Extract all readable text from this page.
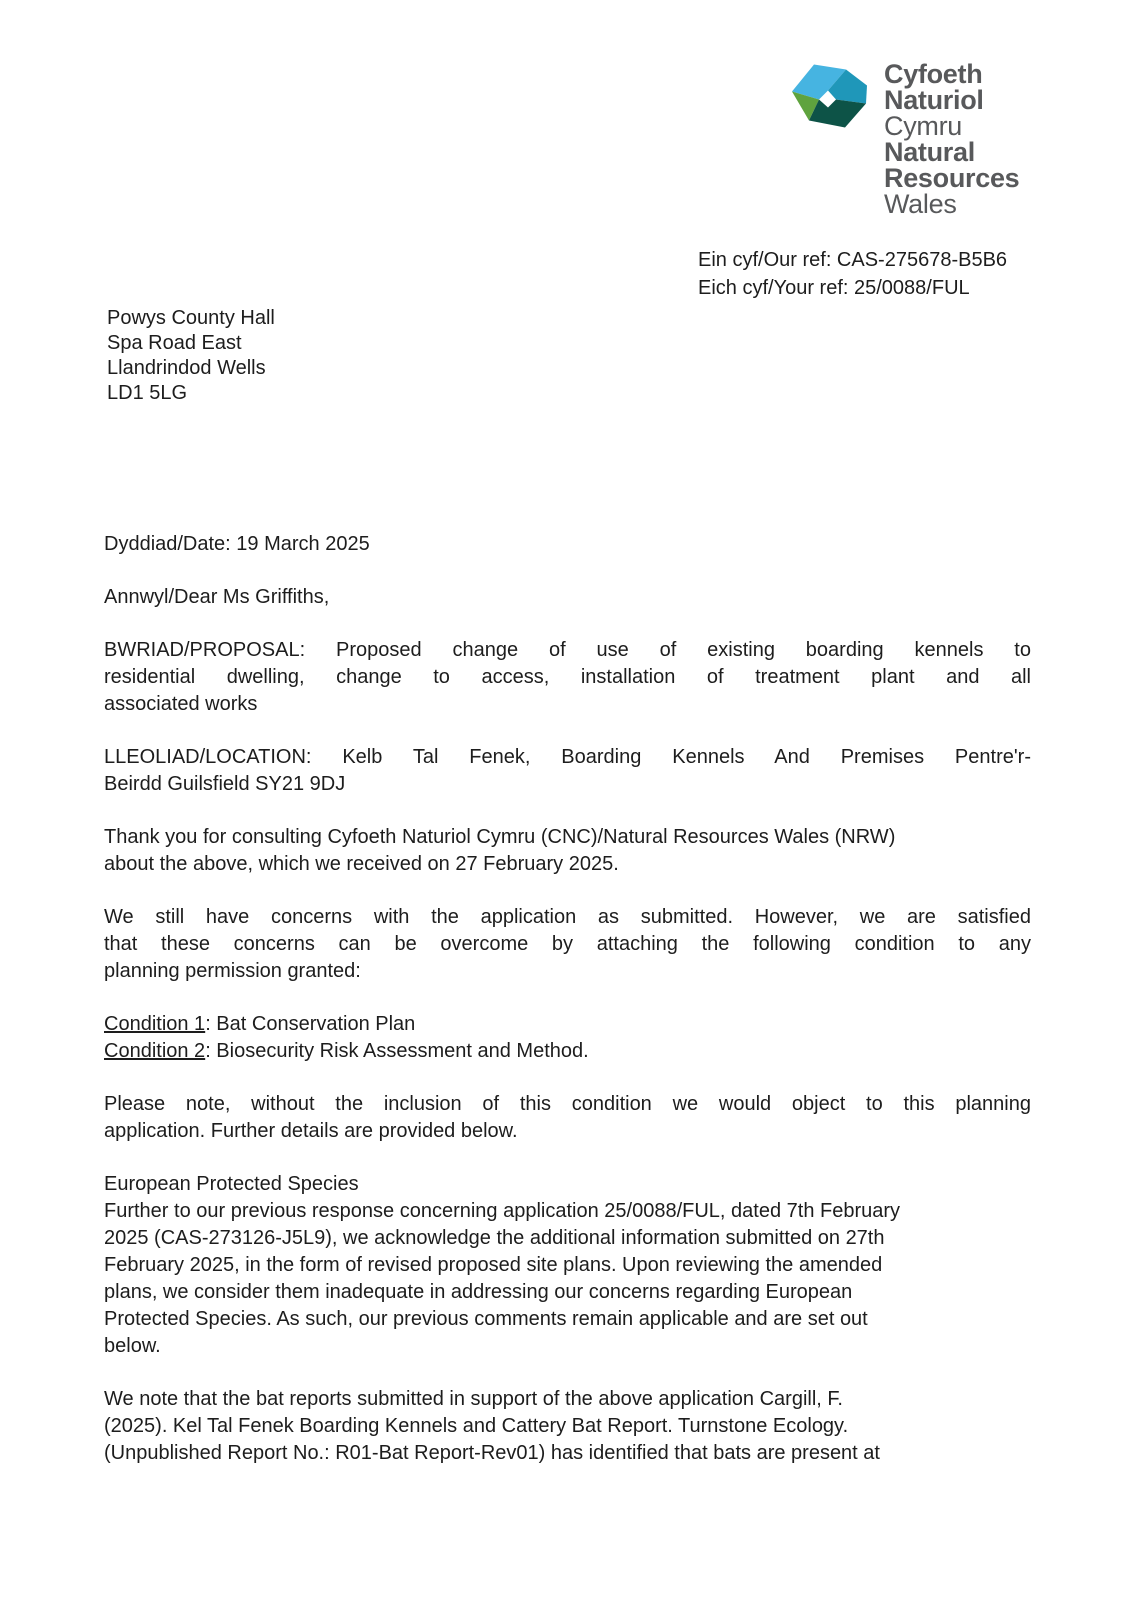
Cyfoeth
Naturiol
Cymru
Natural
Resources
Wales
Ein cyf/Our ref: CAS-275678-B5B6
Eich cyf/Your ref: 25/0088/FUL
Powys County Hall
Spa Road East
Llandrindod Wells
LD1 5LG
Dyddiad/Date: 19 March 2025
Annwyl/Dear Ms Griffiths,
BWRIAD/PROPOSAL: Proposed change of use of existing boarding kennels to
residential dwelling, change to access, installation of treatment plant and all
associated works
LLEOLIAD/LOCATION: Kelb Tal Fenek, Boarding Kennels And Premises Pentre'r-
Beirdd Guilsfield SY21 9DJ
Thank you for consulting Cyfoeth Naturiol Cymru (CNC)/Natural Resources Wales (NRW)
about the above, which we received on 27 February 2025.
We still have concerns with the application as submitted. However, we are satisfied
that these concerns can be overcome by attaching the following condition to any
planning permission granted:
Condition 1: Bat Conservation Plan
Condition 2: Biosecurity Risk Assessment and Method.
Please note, without the inclusion of this condition we would object to this planning
application. Further details are provided below.
European Protected Species
Further to our previous response concerning application 25/0088/FUL, dated 7th February
2025 (CAS-273126-J5L9), we acknowledge the additional information submitted on 27th
February 2025, in the form of revised proposed site plans. Upon reviewing the amended
plans, we consider them inadequate in addressing our concerns regarding European
Protected Species. As such, our previous comments remain applicable and are set out
below.
We note that the bat reports submitted in support of the above application Cargill, F.
(2025). Kel Tal Fenek Boarding Kennels and Cattery Bat Report. Turnstone Ecology.
(Unpublished Report No.: R01-Bat Report-Rev01) has identified that bats are present at
